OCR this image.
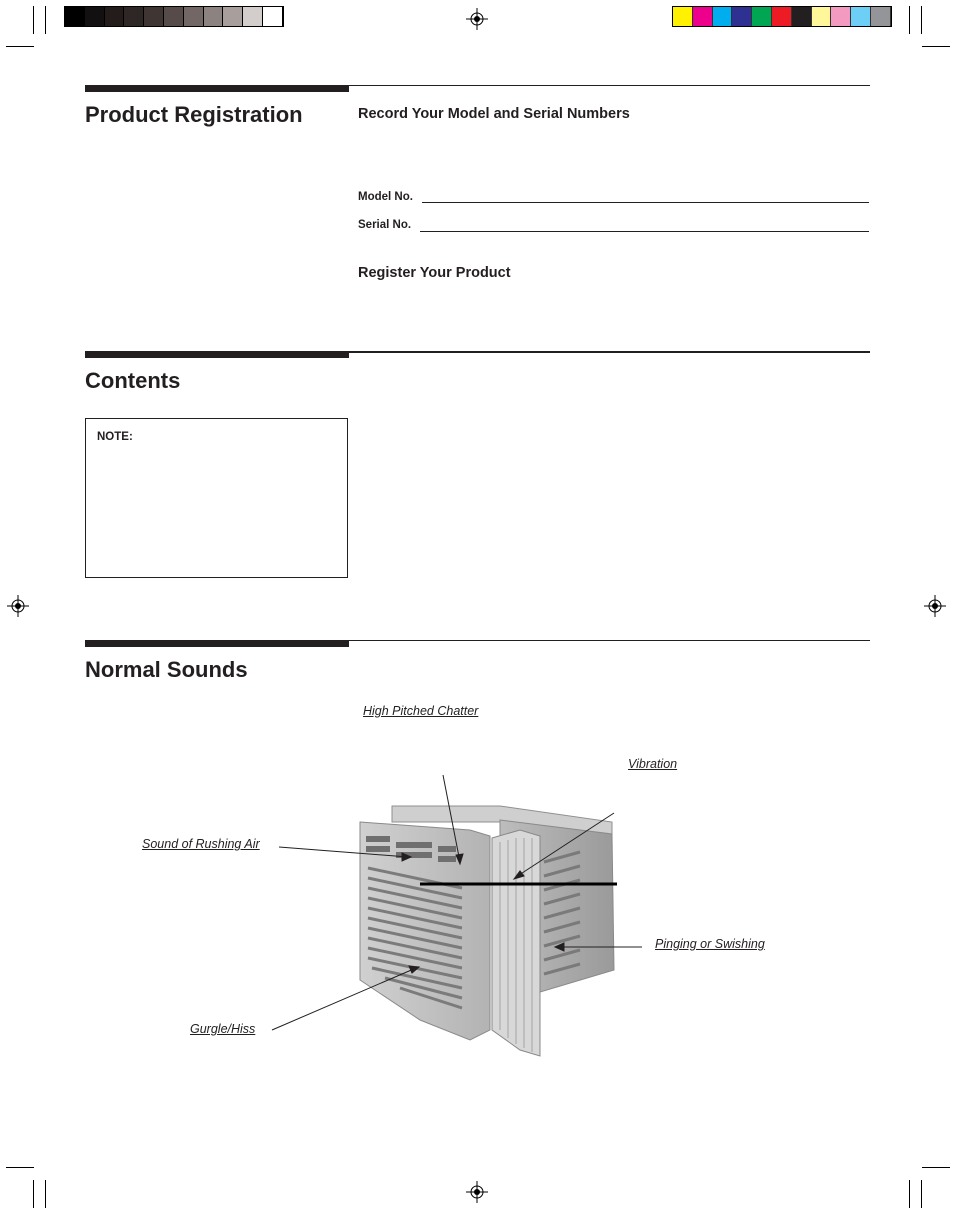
Product Registration	Record Your Model and Serial Numbers
Model No.
Serial No.
Register Your Product
Contents
NOTE:
Normal Sounds
High Pitched Chatter
Vibration
Sound of Rushing Air
Pinging or Swishing
Gurgle/Hiss
